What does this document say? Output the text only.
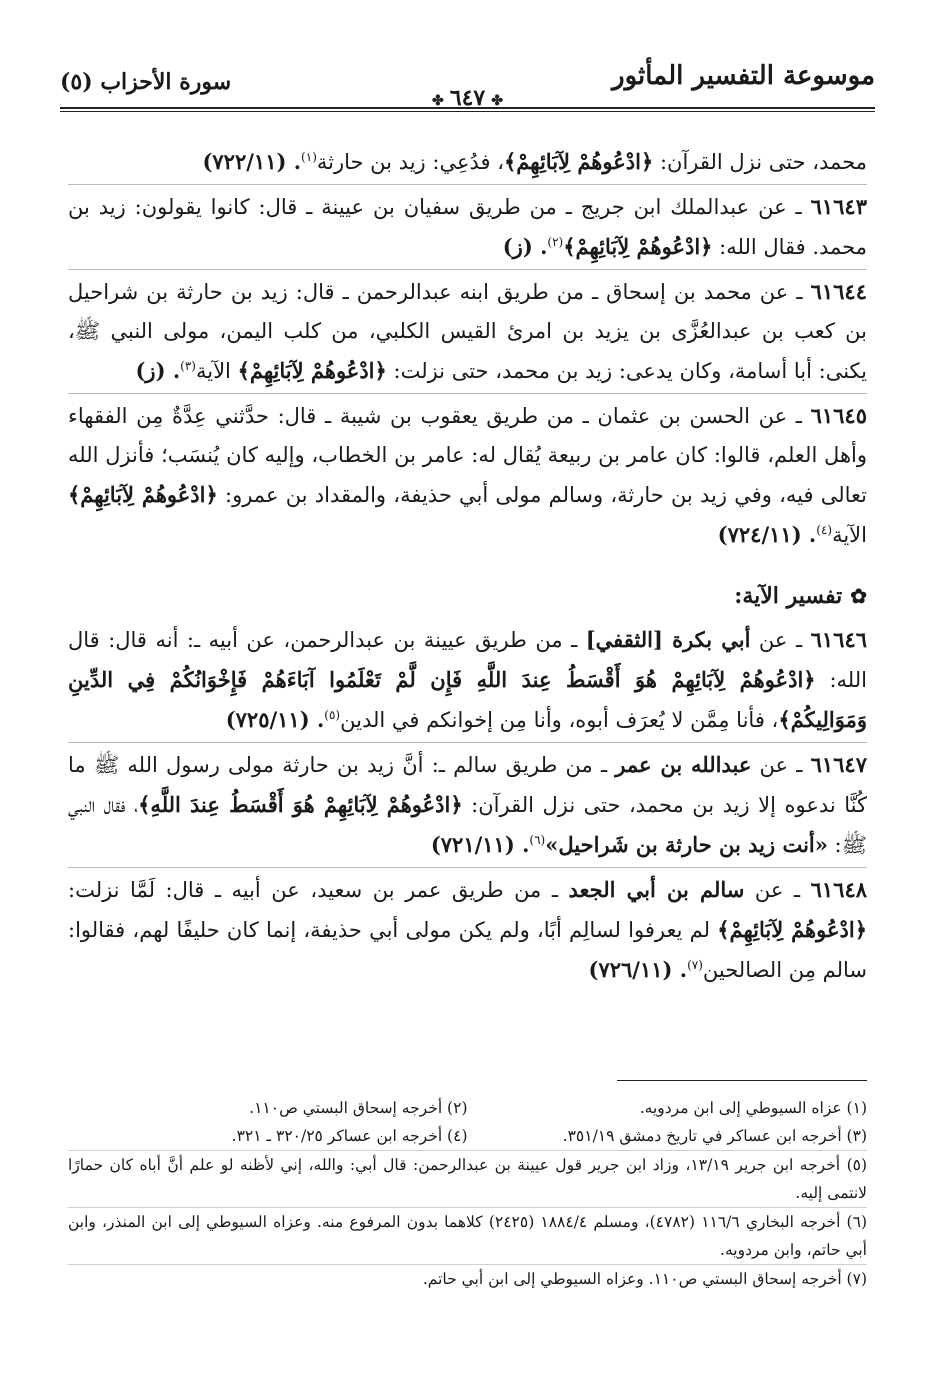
موسوعة التفسير المأثور
✤٦٤٧✤
سورة الأحزاب (٥)

محمد، حتى نزل القرآن: ﴿ادْعُوهُمْ لِآبَائِهِمْ﴾، فدُعِي: زيد بن حارثة$^{(١)}$. (٧٢٢/١١)

٦١٦٤٣ ـ عن عبدالملك ابن جريج ـ من طريق سفيان بن عيينة ـ قال: كانوا يقولون: زيد بن محمد. فقال الله: ﴿ادْعُوهُمْ لِآبَائِهِمْ﴾$^{(٢)}$. (ز)

٦١٦٤٤ ـ عن محمد بن إسحاق ـ من طريق ابنه عبدالرحمن ـ قال: زيد بن حارثة بن شراحيل بن كعب بن عبدالعُزَّى بن يزيد بن امرئ القيس الكلبي، من كلب اليمن، مولى النبي ﷺ، يكنى: أبا أسامة، وكان يدعى: زيد بن محمد، حتى نزلت: ﴿ادْعُوهُمْ لِآبَائِهِمْ﴾ الآية$^{(٣)}$. (ز)

٦١٦٤٥ ـ عن الحسن بن عثمان ـ من طريق يعقوب بن شيبة ـ قال: حدَّثني عِدَّةٌ مِن الفقهاء وأهل العلم، قالوا: كان عامر بن ربيعة يُقال له: عامر بن الخطاب، وإليه كان يُنسَب؛ فأنزل الله تعالى فيه، وفي زيد بن حارثة، وسالم مولى أبي حذيفة، والمقداد بن عمرو: ﴿ادْعُوهُمْ لِآبَائِهِمْ﴾ الآية$^{(٤)}$. (٧٢٤/١١)

✿تفسير الآية:

٦١٦٤٦ ـ عن أبي بكرة [الثقفي] ـ من طريق عيينة بن عبدالرحمن، عن أبيه ـ: أنه قال: قال الله: ﴿ادْعُوهُمْ لِآبَائِهِمْ هُوَ أَقْسَطُ عِندَ اللَّهِ فَإِن لَّمْ تَعْلَمُوا آبَاءَهُمْ فَإِخْوَانُكُمْ فِي الدِّينِ وَمَوَالِيكُمْ﴾، فأنا مِمَّن لا يُعرَف أبوه، وأنا مِن إخوانكم في الدين$^{(٥)}$. (٧٢٥/١١)

٦١٦٤٧ ـ عن عبدالله بن عمر ـ من طريق سالم ـ: أنَّ زيد بن حارثة مولى رسول الله ﷺ ما كُنَّا ندعوه إلا زيد بن محمد، حتى نزل القرآن: ﴿ادْعُوهُمْ لِآبَائِهِمْ هُوَ أَقْسَطُ عِندَ اللَّهِ﴾، فقال النبي ﷺ: «أنت زيد بن حارثة بن شَراحيل»$^{(٦)}$. (٧٢١/١١)

٦١٦٤٨ ـ عن سالم بن أبي الجعد ـ من طريق عمر بن سعيد، عن أبيه ـ قال: لَمَّا نزلت: ﴿ادْعُوهُمْ لِآبَائِهِمْ﴾ لم يعرفوا لسالِم أبًا، ولم يكن مولى أبي حذيفة، إنما كان حليفًا لهم، فقالوا: سالم مِن الصالحين$^{(٧)}$. (٧٢٦/١١)

(١) عزاه السيوطي إلى ابن مردويه.
(٢) أخرجه إسحاق البستي ص١١٠.
(٣) أخرجه ابن عساكر في تاريخ دمشق ٣٥١/١٩.
(٤) أخرجه ابن عساكر ٣٢٠/٢٥ ـ ٣٢١.
(٥) أخرجه ابن جرير ١٣/١٩، وزاد ابن جرير قول عيينة بن عبدالرحمن: قال أبي: والله، إني لأظنه لو علم أنَّ أباه كان حمارًا لانتمى إليه.
(٦) أخرجه البخاري ١١٦/٦ (٤٧٨٢)، ومسلم ١٨٨٤/٤ (٢٤٢٥) كلاهما بدون المرفوع منه. وعزاه السيوطي إلى ابن المنذر، وابن أبي حاتم، وابن مردويه.
(٧) أخرجه إسحاق البستي ص١١٠. وعزاه السيوطي إلى ابن أبي حاتم.
